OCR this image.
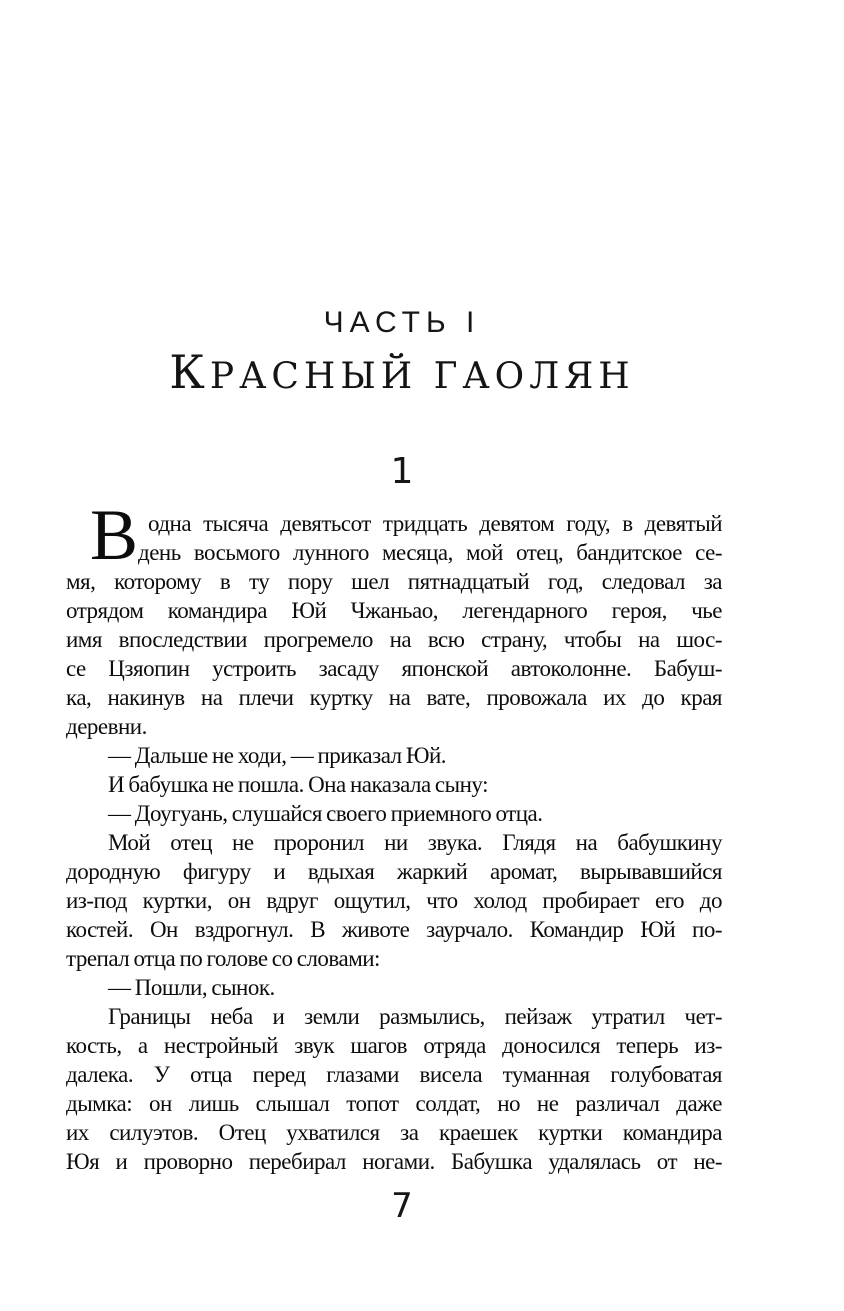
ЧАСТЬ I
КРАСНЫЙ ГАОЛЯН
1
В одна тысяча девятьсот тридцать девятом году, в девятый
день восьмого лунного месяца, мой отец, бандитское се-
мя, которому в ту пору шел пятнадцатый год, следовал за
отрядом командира Юй Чжаньао, легендарного героя, чье
имя впоследствии прогремело на всю страну, чтобы на шос-
се Цзяопин устроить засаду японской автоколонне. Бабуш-
ка, накинув на плечи куртку на вате, провожала их до края
деревни.
— Дальше не ходи, — приказал Юй.
И бабушка не пошла. Она наказала сыну:
— Доугуань, слушайся своего приемного отца.
Мой отец не проронил ни звука. Глядя на бабушкину
дородную фигуру и вдыхая жаркий аромат, вырывавшийся
из-под куртки, он вдруг ощутил, что холод пробирает его до
костей. Он вздрогнул. В животе заурчало. Командир Юй по-
трепал отца по голове со словами:
— Пошли, сынок.
Границы неба и земли размылись, пейзаж утратил чет-
кость, а нестройный звук шагов отряда доносился теперь из-
далека. У отца перед глазами висела туманная голубоватая
дымка: он лишь слышал топот солдат, но не различал даже
их силуэтов. Отец ухватился за краешек куртки командира
Юя и проворно перебирал ногами. Бабушка удалялась от не-
7
